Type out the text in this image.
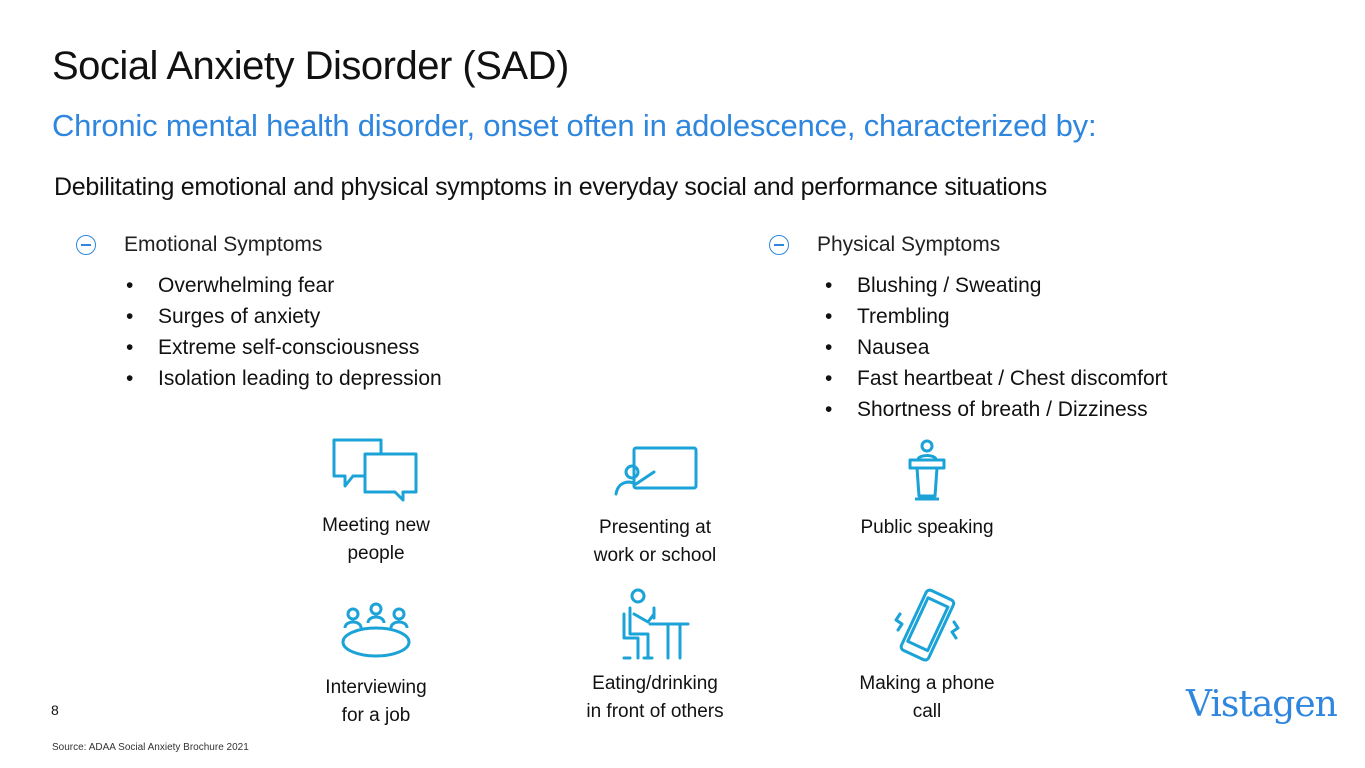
Social Anxiety Disorder (SAD)
Chronic mental health disorder, onset often in adolescence, characterized by:
Debilitating emotional and physical symptoms in everyday social and performance situations
Emotional Symptoms
• Overwhelming fear
• Surges of anxiety
• Extreme self-consciousness
• Isolation leading to depression
Physical Symptoms
• Blushing / Sweating
• Trembling
• Nausea
• Fast heartbeat / Chest discomfort
• Shortness of breath / Dizziness
Meeting new
people
Presenting at
work or school
Public speaking
Interviewing
for a job
Eating/drinking
in front of others
Making a phone
call
8
Source: ADAA Social Anxiety Brochure 2021
Vistagen
